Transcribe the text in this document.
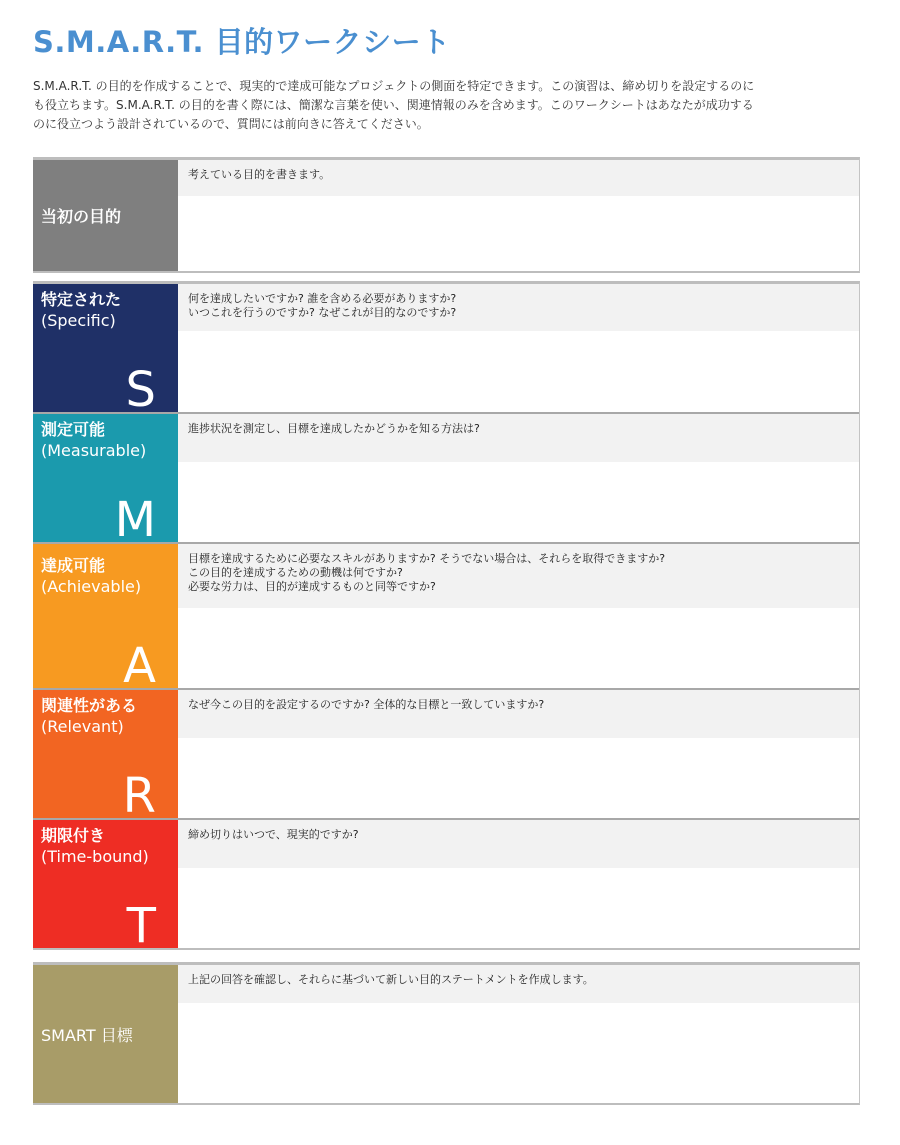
S.M.A.R.T. 目的ワークシート

S.M.A.R.T. の目的を作成することで、現実的で達成可能なプロジェクトの側面を特定できます。この演習は、締め切りを設定するのに

も役立ちます。S.M.A.R.T. の目的を書く際には、簡潔な言葉を使い、関連情報のみを含めます。このワークシートはあなたが成功する

のに役立つよう設計されているので、質問には前向きに答えてください。

当初の目的
考えている目的を書きます。
特定された
(Specific)
S
何を達成したいですか? 誰を含める必要がありますか?
いつこれを行うのですか? なぜこれが目的なのですか?
測定可能
(Measurable)
M
進捗状況を測定し、目標を達成したかどうかを知る方法は?
達成可能
(Achievable)
A
目標を達成するために必要なスキルがありますか? そうでない場合は、それらを取得できますか?
この目的を達成するための動機は何ですか?
必要な労力は、目的が達成するものと同等ですか?
関連性がある
(Relevant)
R
なぜ今この目的を設定するのですか? 全体的な目標と一致していますか?
期限付き
(Time-bound)
T
締め切りはいつで、現実的ですか?
SMART 目標
上記の回答を確認し、それらに基づいて新しい目的ステートメントを作成します。
